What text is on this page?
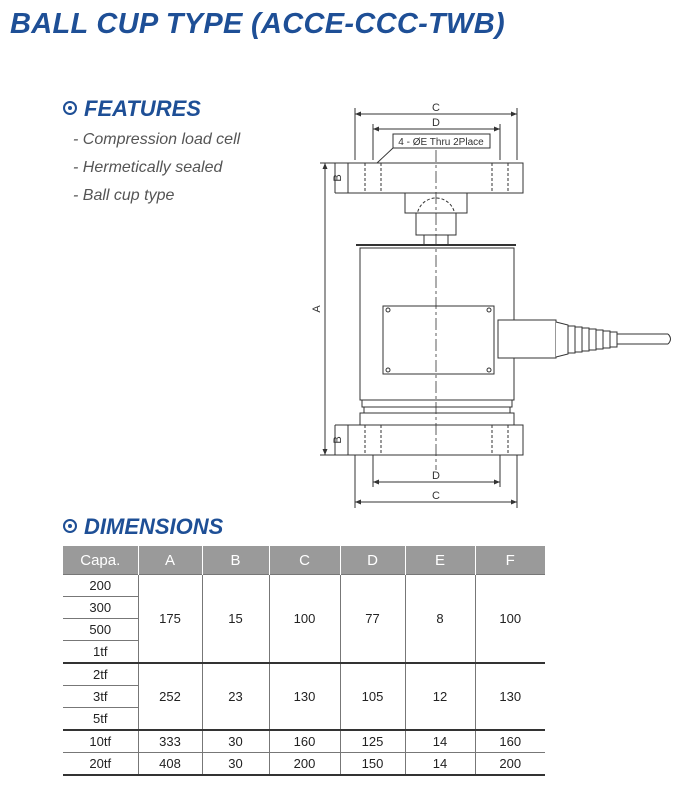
BALL CUP TYPE (ACCE-CCC-TWB)
FEATURES
- Compression load cell
- Hermetically sealed
- Ball cup type
C
D
4 - ØE Thru 2Place
D
C
A
B
B
DIMENSIONS
Capa.	A	B	C	D	E	F
200	175	15	100	77	8	100
300						
500						
1tf						
2tf	252	23	130	105	12	130
3tf						
5tf						
10tf	333	30	160	125	14	160
20tf	408	30	200	150	14	200
